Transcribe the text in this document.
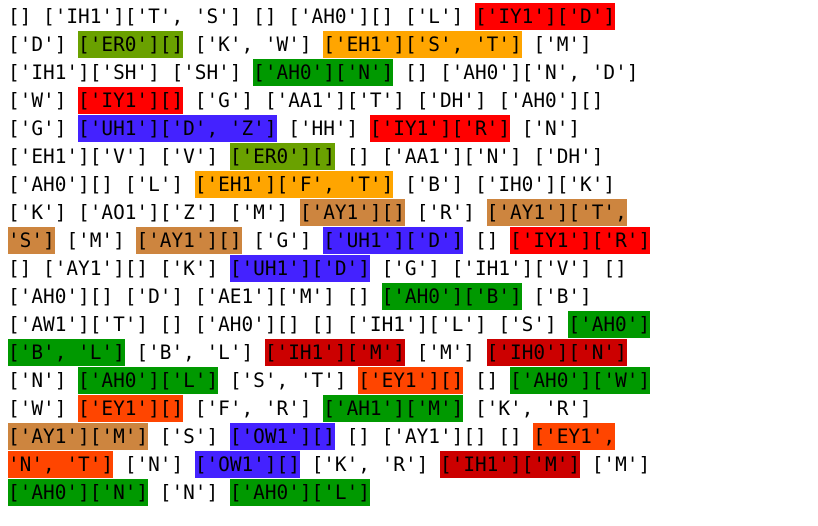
[] ['IH1']['T', 'S'] [] ['AH0'][] ['L'] ['IY1']['D']
['D'] ['ER0'][] ['K', 'W'] ['EH1']['S', 'T'] ['M']
['IH1']['SH'] ['SH'] ['AH0']['N'] [] ['AH0']['N', 'D']
['W'] ['IY1'][] ['G'] ['AA1']['T'] ['DH'] ['AH0'][]
['G'] ['UH1']['D', 'Z'] ['HH'] ['IY1']['R'] ['N']
['EH1']['V'] ['V'] ['ER0'][] [] ['AA1']['N'] ['DH']
['AH0'][] ['L'] ['EH1']['F', 'T'] ['B'] ['IH0']['K']
['K'] ['AO1']['Z'] ['M'] ['AY1'][] ['R'] ['AY1']['T',
'S'] ['M'] ['AY1'][] ['G'] ['UH1']['D'] [] ['IY1']['R']
[] ['AY1'][] ['K'] ['UH1']['D'] ['G'] ['IH1']['V'] []
['AH0'][] ['D'] ['AE1']['M'] [] ['AH0']['B'] ['B']
['AW1']['T'] [] ['AH0'][] [] ['IH1']['L'] ['S'] ['AH0']
['B', 'L'] ['B', 'L'] ['IH1']['M'] ['M'] ['IH0']['N']
['N'] ['AH0']['L'] ['S', 'T'] ['EY1'][] [] ['AH0']['W']
['W'] ['EY1'][] ['F', 'R'] ['AH1']['M'] ['K', 'R']
['AY1']['M'] ['S'] ['OW1'][] [] ['AY1'][] [] ['EY1',
'N', 'T'] ['N'] ['OW1'][] ['K', 'R'] ['IH1']['M'] ['M']
['AH0']['N'] ['N'] ['AH0']['L']
